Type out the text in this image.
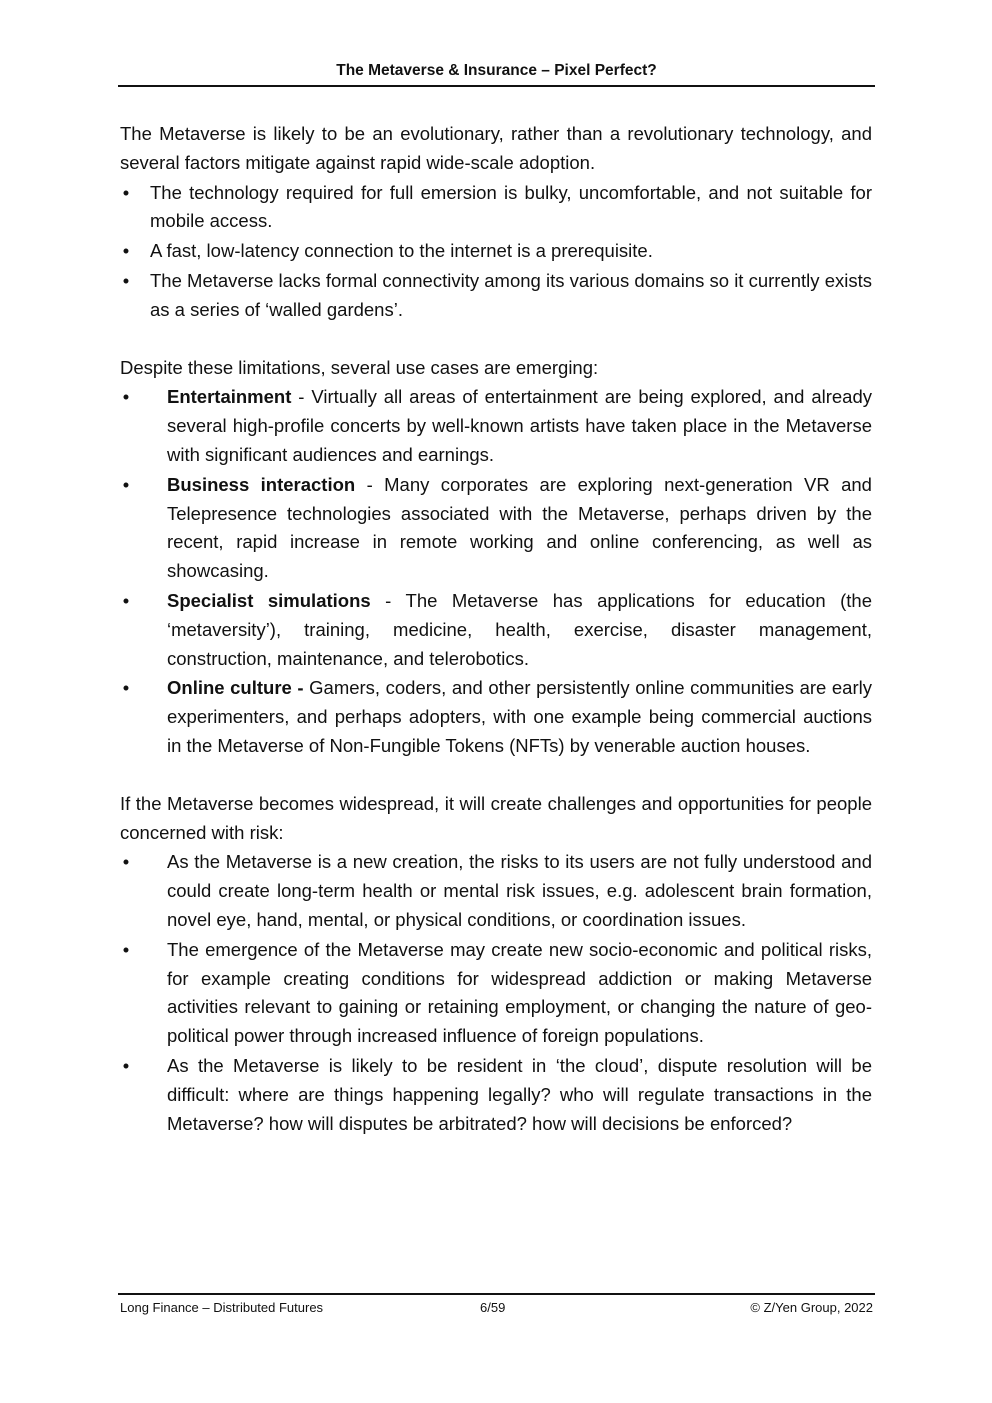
The Metaverse & Insurance – Pixel Perfect?

The Metaverse is likely to be an evolutionary, rather than a revolutionary technology, and several factors mitigate against rapid wide-scale adoption.

• The technology required for full emersion is bulky, uncomfortable, and not suitable for mobile access.
• A fast, low-latency connection to the internet is a prerequisite.
• The Metaverse lacks formal connectivity among its various domains so it currently exists as a series of ‘walled gardens’.

Despite these limitations, several use cases are emerging:

• Entertainment - Virtually all areas of entertainment are being explored, and already several high-profile concerts by well-known artists have taken place in the Metaverse with significant audiences and earnings.
• Business interaction - Many corporates are exploring next-generation VR and Telepresence technologies associated with the Metaverse, perhaps driven by the recent, rapid increase in remote working and online conferencing, as well as showcasing.
• Specialist simulations - The Metaverse has applications for education (the ‘metaversity’), training, medicine, health, exercise, disaster management, construction, maintenance, and telerobotics.
• Online culture - Gamers, coders, and other persistently online communities are early experimenters, and perhaps adopters, with one example being commercial auctions in the Metaverse of Non-Fungible Tokens (NFTs) by venerable auction houses.

If the Metaverse becomes widespread, it will create challenges and opportunities for people concerned with risk:

• As the Metaverse is a new creation, the risks to its users are not fully understood and could create long-term health or mental risk issues, e.g. adolescent brain formation, novel eye, hand, mental, or physical conditions, or coordination issues.
• The emergence of the Metaverse may create new socio-economic and political risks, for example creating conditions for widespread addiction or making Metaverse activities relevant to gaining or retaining employment, or changing the nature of geo-political power through increased influence of foreign populations.
• As the Metaverse is likely to be resident in ‘the cloud’, dispute resolution will be difficult: where are things happening legally? who will regulate transactions in the Metaverse? how will disputes be arbitrated? how will decisions be enforced?
Long Finance – Distributed Futures	6/59	© Z/Yen Group, 2022
